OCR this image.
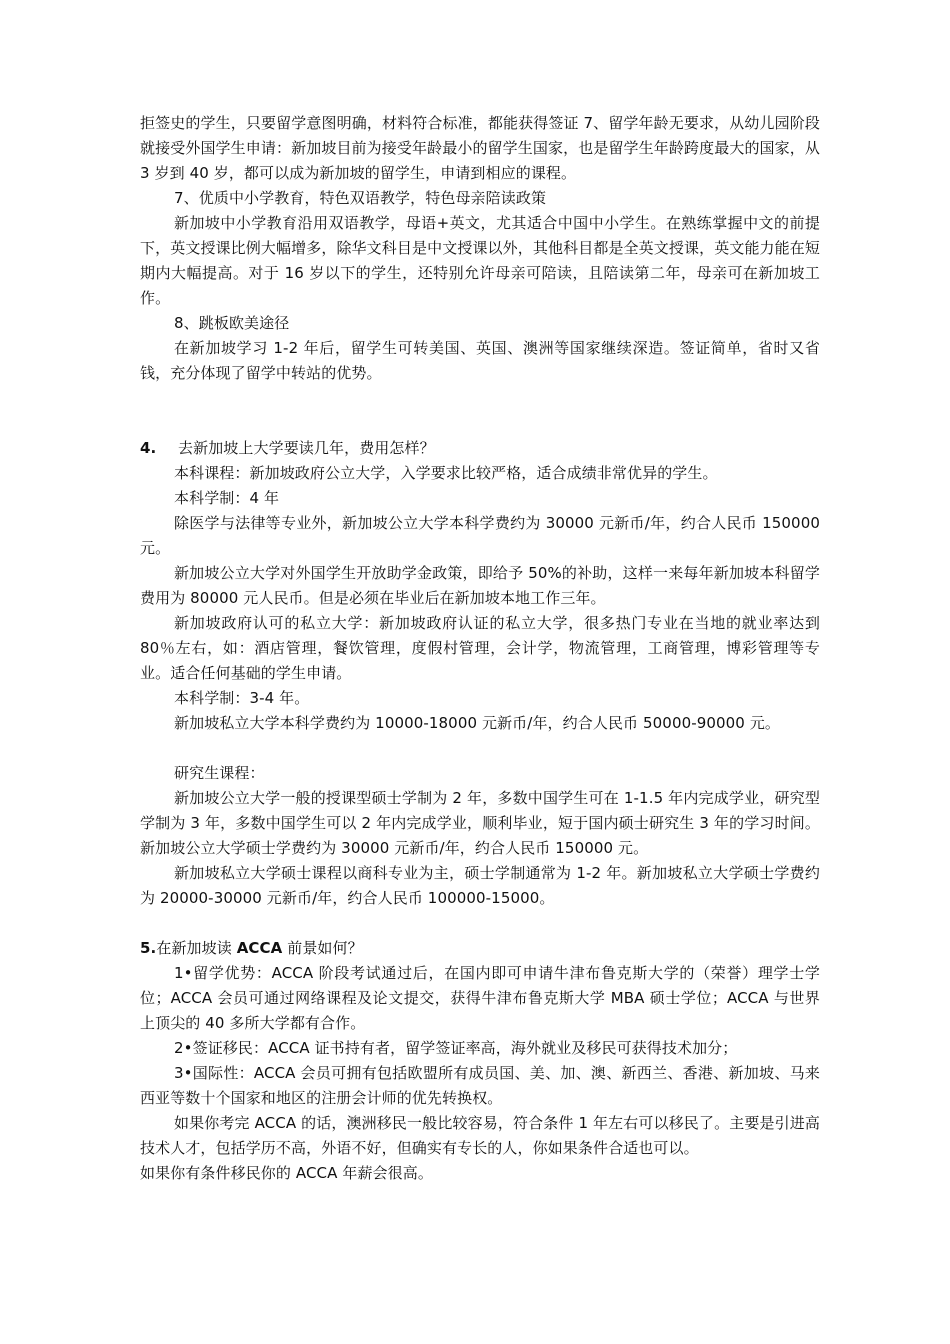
拒签史的学生，只要留学意图明确，材料符合标准，都能获得签证 7、留学年龄无要求，从幼儿园阶段就接受外国学生申请：新加坡目前为接受年龄最小的留学生国家，也是留学生年龄跨度最大的国家，从 3 岁到 40 岁，都可以成为新加坡的留学生，申请到相应的课程。

7、优质中小学教育，特色双语教学，特色母亲陪读政策

新加坡中小学教育沿用双语教学，母语+英文，尤其适合中国中小学生。在熟练掌握中文的前提下，英文授课比例大幅增多，除华文科目是中文授课以外，其他科目都是全英文授课，英文能力能在短期内大幅提高。对于 16 岁以下的学生，还特别允许母亲可陪读，且陪读第二年，母亲可在新加坡工作。

8、跳板欧美途径

在新加坡学习 1-2 年后，留学生可转美国、英国、澳洲等国家继续深造。签证简单，省时又省钱，充分体现了留学中转站的优势。

4. 去新加坡上大学要读几年，费用怎样？

本科课程：新加坡政府公立大学，入学要求比较严格，适合成绩非常优异的学生。

本科学制：4 年

除医学与法律等专业外，新加坡公立大学本科学费约为 30000 元新币/年，约合人民币 150000 元。

新加坡公立大学对外国学生开放助学金政策，即给予 50%的补助，这样一来每年新加坡本科留学费用为 80000 元人民币。但是必须在毕业后在新加坡本地工作三年。

新加坡政府认可的私立大学：新加坡政府认证的私立大学，很多热门专业在当地的就业率达到 80％左右，如：酒店管理，餐饮管理，度假村管理，会计学，物流管理，工商管理，博彩管理等专业。适合任何基础的学生申请。

本科学制：3-4 年。

新加坡私立大学本科学费约为 10000-18000 元新币/年，约合人民币 50000-90000 元。

研究生课程：

新加坡公立大学一般的授课型硕士学制为 2 年，多数中国学生可在 1-1.5 年内完成学业，研究型学制为 3 年，多数中国学生可以 2 年内完成学业，顺利毕业，短于国内硕士研究生 3 年的学习时间。新加坡公立大学硕士学费约为 30000 元新币/年，约合人民币 150000 元。

新加坡私立大学硕士课程以商科专业为主，硕士学制通常为 1-2 年。新加坡私立大学硕士学费约为 20000-30000 元新币/年，约合人民币 100000-15000。

5.在新加坡读 ACCA 前景如何？

1•留学优势：ACCA 阶段考试通过后，在国内即可申请牛津布鲁克斯大学的（荣誉）理学士学位；ACCA 会员可通过网络课程及论文提交，获得牛津布鲁克斯大学 MBA 硕士学位；ACCA 与世界上顶尖的 40 多所大学都有合作。

2•签证移民：ACCA 证书持有者，留学签证率高，海外就业及移民可获得技术加分；

3•国际性：ACCA 会员可拥有包括欧盟所有成员国、美、加、澳、新西兰、香港、新加坡、马来西亚等数十个国家和地区的注册会计师的优先转换权。

如果你考完 ACCA 的话，澳洲移民一般比较容易，符合条件 1 年左右可以移民了。主要是引进高技术人才，包括学历不高，外语不好，但确实有专长的人，你如果条件合适也可以。

如果你有条件移民你的 ACCA 年薪会很高。
